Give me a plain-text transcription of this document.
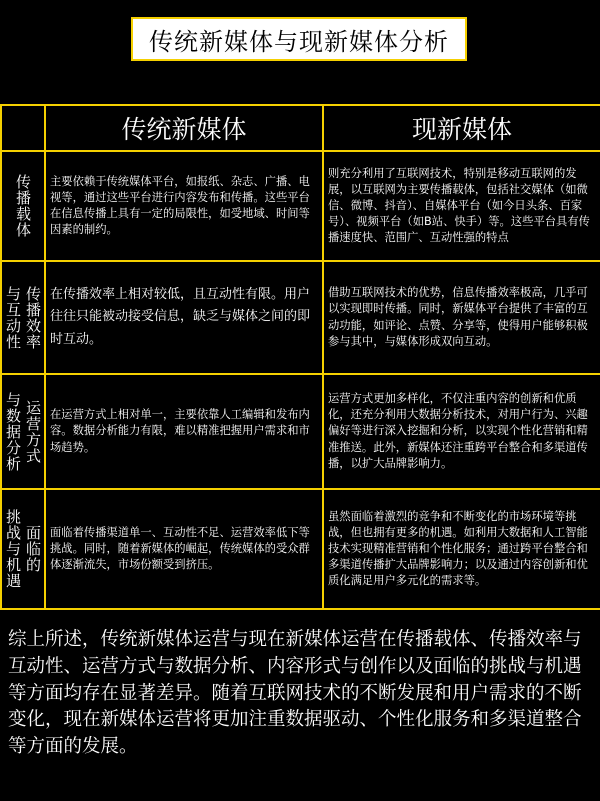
传统新媒体与现新媒体分析
	传统新媒体	现新媒体

传播载体	主要依赖于传统媒体平台，如报纸、杂志、广播、电视等，通过这些平台进行内容发布和传播。这些平台在信息传播上具有一定的局限性，如受地域、时间等因素的制约。	则充分利用了互联网技术，特别是移动互联网的发展，以互联网为主要传播载体，包括社交媒体（如微信、微博、抖音）、自媒体平台（如今日头条、百家号）、视频平台（如B站、快手）等。这些平台具有传播速度快、范围广、互动性强的特点

与互动性 传播效率	在传播效率上相对较低，且互动性有限。用户往往只能被动接受信息，缺乏与媒体之间的即时互动。	借助互联网技术的优势，信息传播效率极高，几乎可以实现即时传播。同时，新媒体平台提供了丰富的互动功能，如评论、点赞、分享等，使得用户能够积极参与其中，与媒体形成双向互动。

与数据分析 运营方式	在运营方式上相对单一，主要依靠人工编辑和发布内容。数据分析能力有限，难以精准把握用户需求和市场趋势。	运营方式更加多样化，不仅注重内容的创新和优质化，还充分利用大数据分析技术，对用户行为、兴趣偏好等进行深入挖掘和分析，以实现个性化营销和精准推送。此外，新媒体还注重跨平台整合和多渠道传播，以扩大品牌影响力。

挑战与机遇 面临的	面临着传播渠道单一、互动性不足、运营效率低下等挑战。同时，随着新媒体的崛起，传统媒体的受众群体逐渐流失，市场份额受到挤压。	虽然面临着激烈的竞争和不断变化的市场环境等挑战，但也拥有更多的机遇。如利用大数据和人工智能技术实现精准营销和个性化服务；通过跨平台整合和多渠道传播扩大品牌影响力；以及通过内容创新和优质化满足用户多元化的需求等。
综上所述，传统新媒体运营与现在新媒体运营在传播载体、传播效率与互动性、运营方式与数据分析、内容形式与创作以及面临的挑战与机遇等方面均存在显著差异。随着互联网技术的不断发展和用户需求的不断变化，现在新媒体运营将更加注重数据驱动、个性化服务和多渠道整合等方面的发展。
